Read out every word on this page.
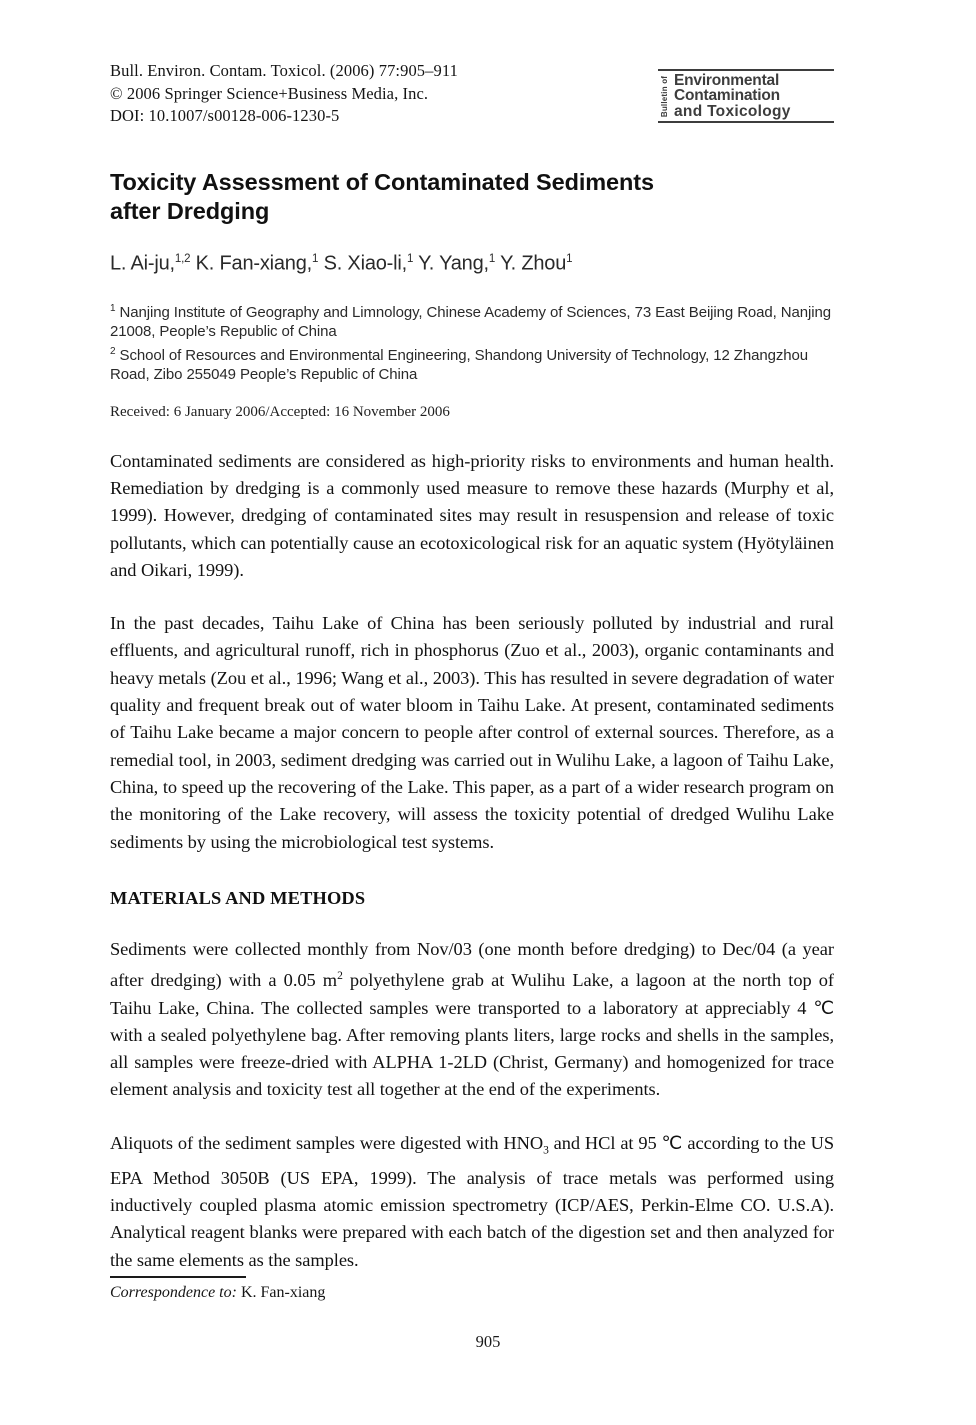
Bull. Environ. Contam. Toxicol. (2006) 77:905–911
© 2006 Springer Science+Business Media, Inc.
DOI: 10.1007/s00128-006-1230-5	Bulletin of Environmental
Contamination
and Toxicology
Toxicity Assessment of Contaminated Sediments
after Dredging
L. Ai-ju,$^{1,2}$ K. Fan-xiang,$^1$ S. Xiao-li,$^1$ Y. Yang,$^1$ Y. Zhou$^1$

$^1$ Nanjing Institute of Geography and Limnology, Chinese Academy of Sciences, 73 East Beijing Road, Nanjing 21008, People’s Republic of China

$^2$ School of Resources and Environmental Engineering, Shandong University of Technology, 12 Zhangzhou Road, Zibo 255049 People’s Republic of China

Received: 6 January 2006/Accepted: 16 November 2006

Contaminated sediments are considered as high-priority risks to environments and human health. Remediation by dredging is a commonly used measure to remove these hazards (Murphy et al, 1999). However, dredging of contaminated sites may result in resuspension and release of toxic pollutants, which can potentially cause an ecotoxicological risk for an aquatic system (Hyötyläinen and Oikari, 1999).

In the past decades, Taihu Lake of China has been seriously polluted by industrial and rural effluents, and agricultural runoff, rich in phosphorus (Zuo et al., 2003), organic contaminants and heavy metals (Zou et al., 1996; Wang et al., 2003). This has resulted in severe degradation of water quality and frequent break out of water bloom in Taihu Lake. At present, contaminated sediments of Taihu Lake became a major concern to people after control of external sources. Therefore, as a remedial tool, in 2003, sediment dredging was carried out in Wulihu Lake, a lagoon of Taihu Lake, China, to speed up the recovering of the Lake. This paper, as a part of a wider research program on the monitoring of the Lake recovery, will assess the toxicity potential of dredged Wulihu Lake sediments by using the microbiological test systems.

MATERIALS AND METHODS

Sediments were collected monthly from Nov/03 (one month before dredging) to Dec/04 (a year after dredging) with a 0.05 $m^2$ polyethylene grab at Wulihu Lake, a lagoon at the north top of Taihu Lake, China. The collected samples were transported to a laboratory at appreciably 4 ℃ with a sealed polyethylene bag. After removing plants liters, large rocks and shells in the samples, all samples were freeze-dried with ALPHA 1-2LD (Christ, Germany) and homogenized for trace element analysis and toxicity test all together at the end of the experiments.

Aliquots of the sediment samples were digested with $HNO_3$ and HCl at 95 ℃ according to the US EPA Method 3050B (US EPA, 1999). The analysis of trace metals was performed using inductively coupled plasma atomic emission spectrometry (ICP/AES, Perkin-Elme CO. U.S.A). Analytical reagent blanks were prepared with each batch of the digestion set and then analyzed for the same elements as the samples.

Correspondence to: K. Fan-xiang
905
